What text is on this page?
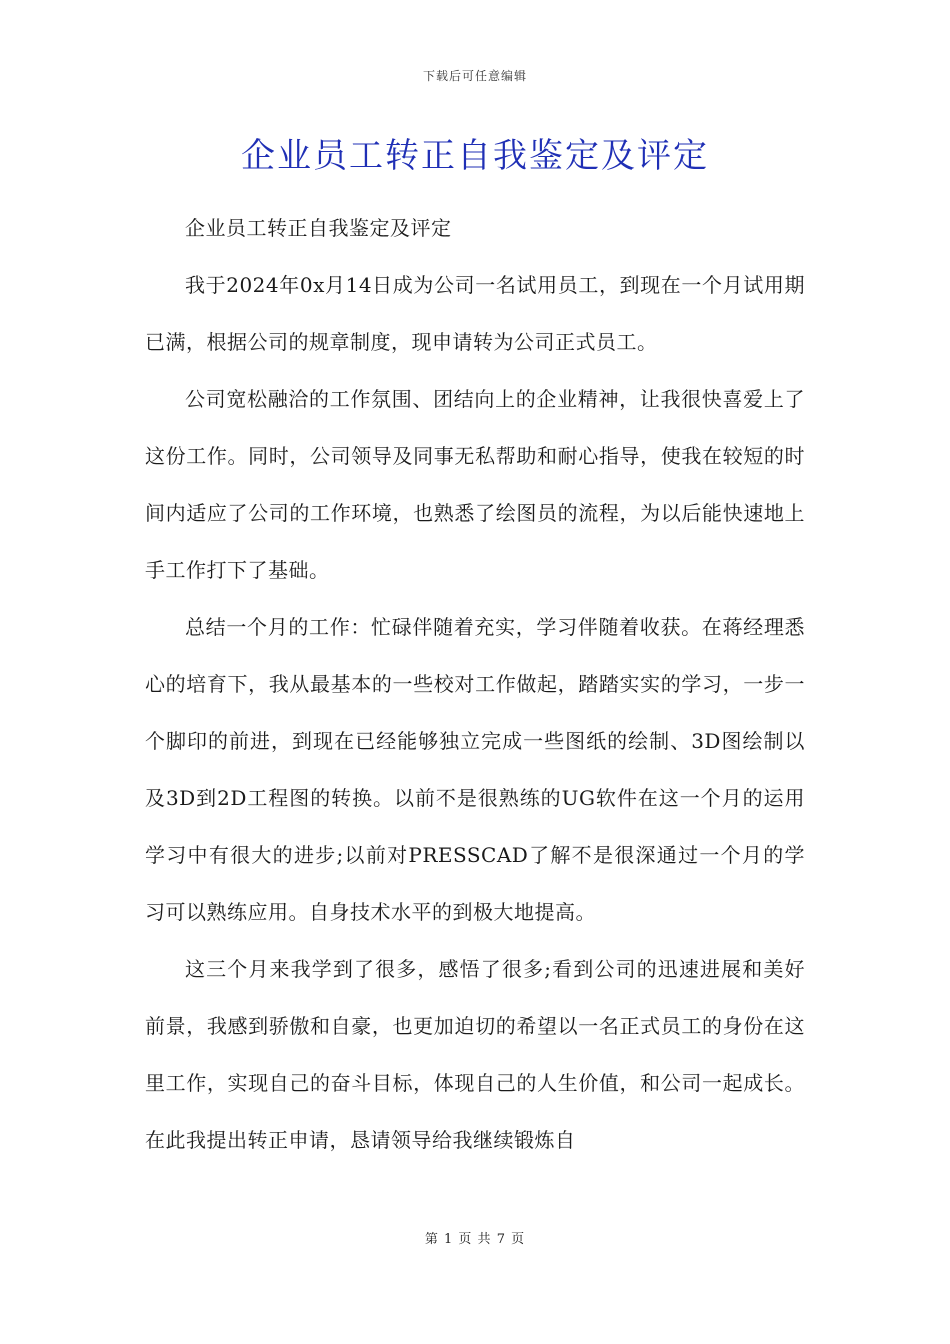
下载后可任意编辑
企业员工转正自我鉴定及评定

企业员工转正自我鉴定及评定

我于2024年0x月14日成为公司一名试用员工，到现在一个月试用期已满，根据公司的规章制度，现申请转为公司正式员工。

公司宽松融洽的工作氛围、团结向上的企业精神，让我很快喜爱上了这份工作。同时，公司领导及同事无私帮助和耐心指导，使我在较短的时间内适应了公司的工作环境，也熟悉了绘图员的流程，为以后能快速地上手工作打下了基础。

总结一个月的工作：忙碌伴随着充实，学习伴随着收获。在蒋经理悉心的培育下，我从最基本的一些校对工作做起，踏踏实实的学习，一步一个脚印的前进，到现在已经能够独立完成一些图纸的绘制、3D图绘制以及3D到2D工程图的转换。以前不是很熟练的UG软件在这一个月的运用学习中有很大的进步;以前对PRESSCAD了解不是很深通过一个月的学习可以熟练应用。自身技术水平的到极大地提高。

这三个月来我学到了很多，感悟了很多;看到公司的迅速进展和美好前景，我感到骄傲和自豪，也更加迫切的希望以一名正式员工的身份在这里工作，实现自己的奋斗目标，体现自己的人生价值，和公司一起成长。在此我提出转正申请，恳请领导给我继续锻炼自

第 1 页 共 7 页
